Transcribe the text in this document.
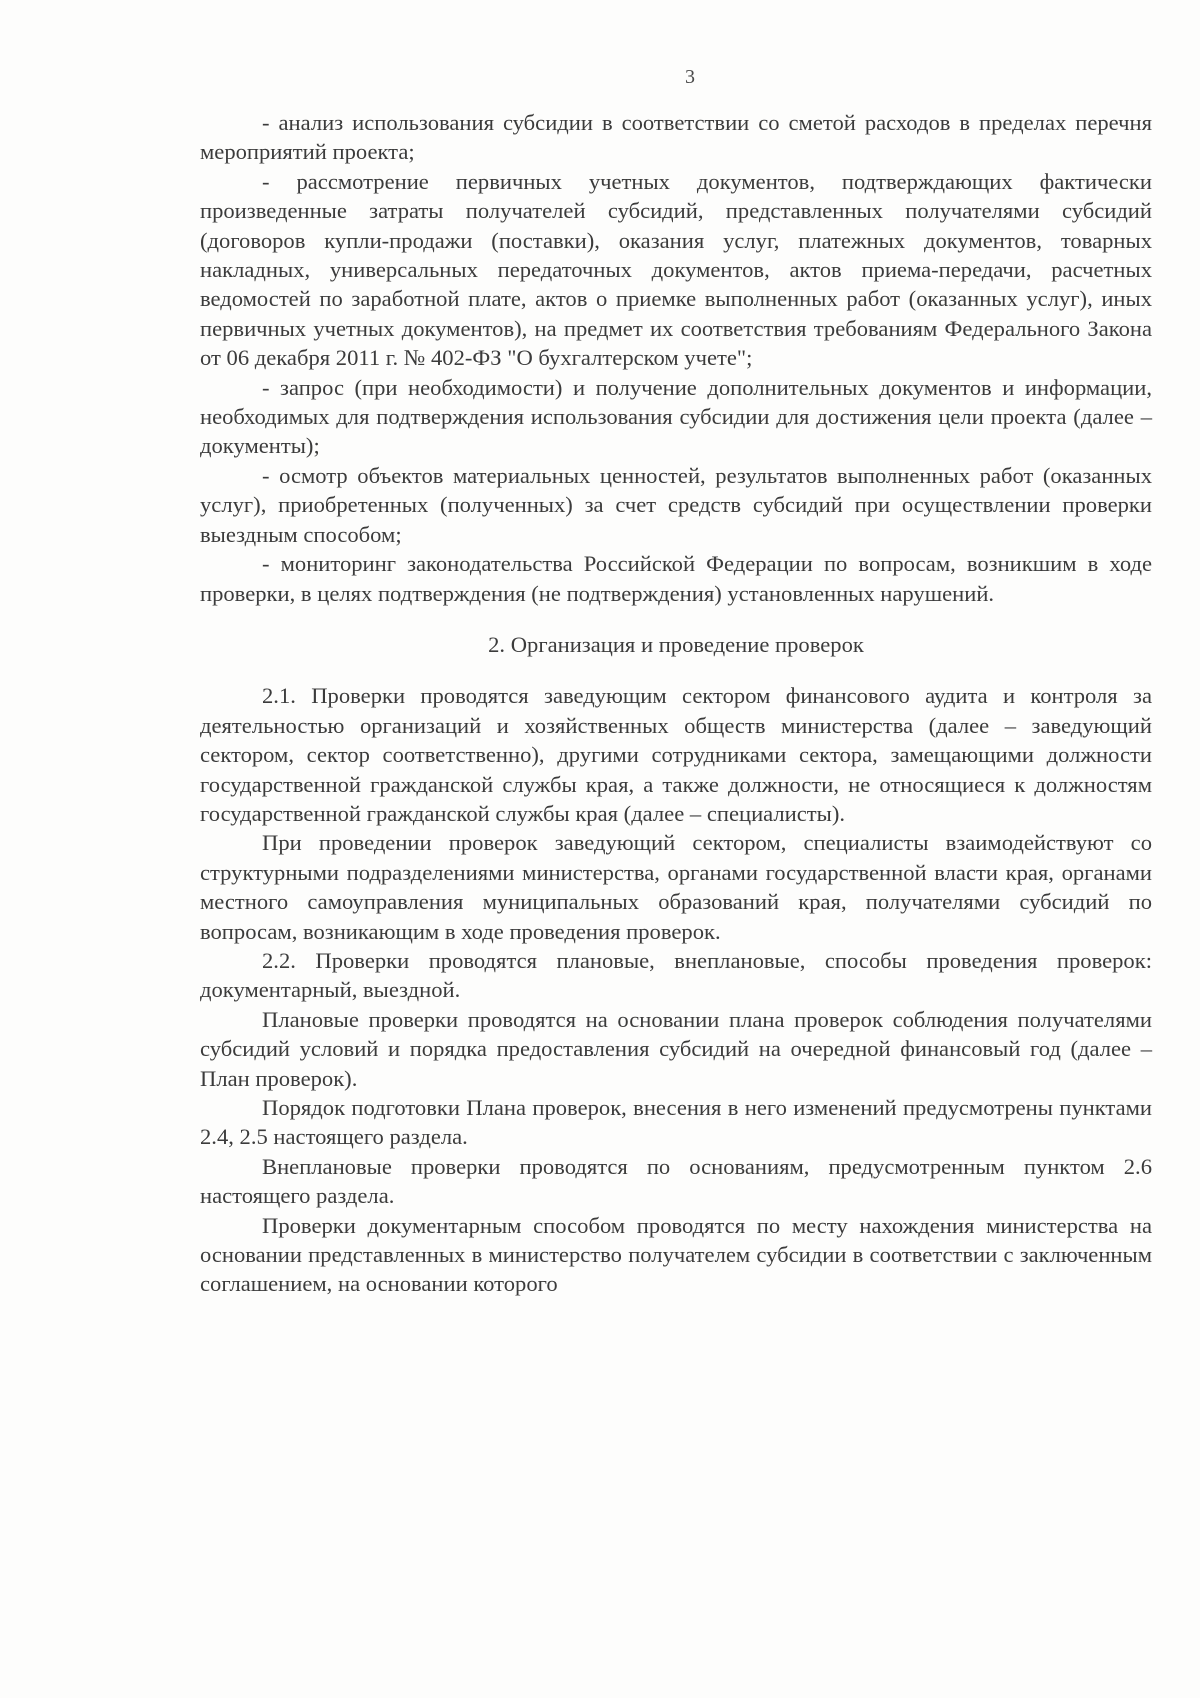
3

- анализ использования субсидии в соответствии со сметой расходов в пределах перечня мероприятий проекта;

- рассмотрение первичных учетных документов, подтверждающих фактически произведенные затраты получателей субсидий, представленных получателями субсидий (договоров купли-продажи (поставки), оказания услуг, платежных документов, товарных накладных, универсальных передаточных документов, актов приема-передачи, расчетных ведомостей по заработной плате, актов о приемке выполненных работ (оказанных услуг), иных первичных учетных документов), на предмет их соответствия требованиям Федерального Закона от 06 декабря 2011 г. № 402-ФЗ "О бухгалтерском учете";

- запрос (при необходимости) и получение дополнительных документов и информации, необходимых для подтверждения использования субсидии для достижения цели проекта (далее – документы);

- осмотр объектов материальных ценностей, результатов выполненных работ (оказанных услуг), приобретенных (полученных) за счет средств субсидий при осуществлении проверки выездным способом;

- мониторинг законодательства Российской Федерации по вопросам, возникшим в ходе проверки, в целях подтверждения (не подтверждения) установленных нарушений.

2. Организация и проведение проверок

2.1. Проверки проводятся заведующим сектором финансового аудита и контроля за деятельностью организаций и хозяйственных обществ министерства (далее – заведующий сектором, сектор соответственно), другими сотрудниками сектора, замещающими должности государственной гражданской службы края, а также должности, не относящиеся к должностям государственной гражданской службы края (далее – специалисты).

При проведении проверок заведующий сектором, специалисты взаимодействуют со структурными подразделениями министерства, органами государственной власти края, органами местного самоуправления муниципальных образований края, получателями субсидий по вопросам, возникающим в ходе проведения проверок.

2.2. Проверки проводятся плановые, внеплановые, способы проведения проверок: документарный, выездной.

Плановые проверки проводятся на основании плана проверок соблюдения получателями субсидий условий и порядка предоставления субсидий на очередной финансовый год (далее – План проверок).

Порядок подготовки Плана проверок, внесения в него изменений предусмотрены пунктами 2.4, 2.5 настоящего раздела.

Внеплановые проверки проводятся по основаниям, предусмотренным пунктом 2.6 настоящего раздела.

Проверки документарным способом проводятся по месту нахождения министерства на основании представленных в министерство получателем субсидии в соответствии с заключенным соглашением, на основании которого
